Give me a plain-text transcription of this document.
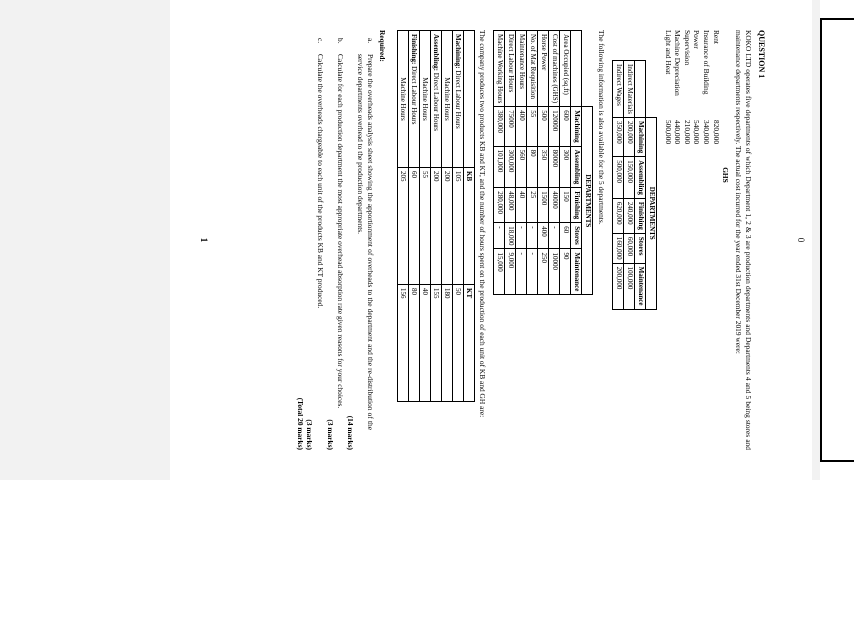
0
QUESTION 1

KOKO LTD operates five departments of which Department 1, 2 & 3 are production departments and Departments 4 and 5 being stores and maintenance departments respectively. The actual cost incurred for the year ended 31st December 2019 were:

GHS
Rent
820,000
Insurance of Building
340,000
Power
540,000
Supervision
210,000
Machine Depreciation
440,000
Light and Heat
500,000
	DEPARTMENTS				
	Machining	Assembling	Finishing	Stores	Maintenance
Indirect Materials	200,000	150,000	240,000	60,000	100,000
Indirect Wages	350,000	500,000	620,000	160,000	200,000

The following information is also available for the 5 departments.

	DEPARTMENTS				
	Machining	Assembling	Finishing	Stores	Maintenance
Area Occupied (sq.ft)	600	300	150	60	90
Cost of machines (GHS)	120000	80000	40000	-	10000
Horse Power	500	350	1500	400	250
No. of Mat Requisition	55	80	25	-	-
Maintenance Hours	400	560	40	-	-
Direct Labour Hours	75000	300,000	48,000	18,000	9,000
Machine Working Hours	380,000	101,000	280,000	-	15,000

The company produces two products KB and KT, and the number of hours spent on the production of each unit of KB and GH are:

	KB	KT
Machining: Direct Labour Hours	105	50
Machine Hours	200	180
Assembling: Direct Labour Hours	200	155
Machine Hours	55	40
Finishing: Direct Labour Hours	60	80
Machine Hours	205	156
Required:
a.
Prepare the overheads analysis sheet showing the apportionment of overheads to the department and the re-distribution of the service departments overhead to the production departments.
(14 marks)
b.
Calculate for each production department the most appropriate overhead absorption rate given reasons for your choices.
(3 marks)
c.
Calculate the overheads chargeable to each unit of the products KB and KT produced.
(3 marks)
(Total 20 marks)
1
